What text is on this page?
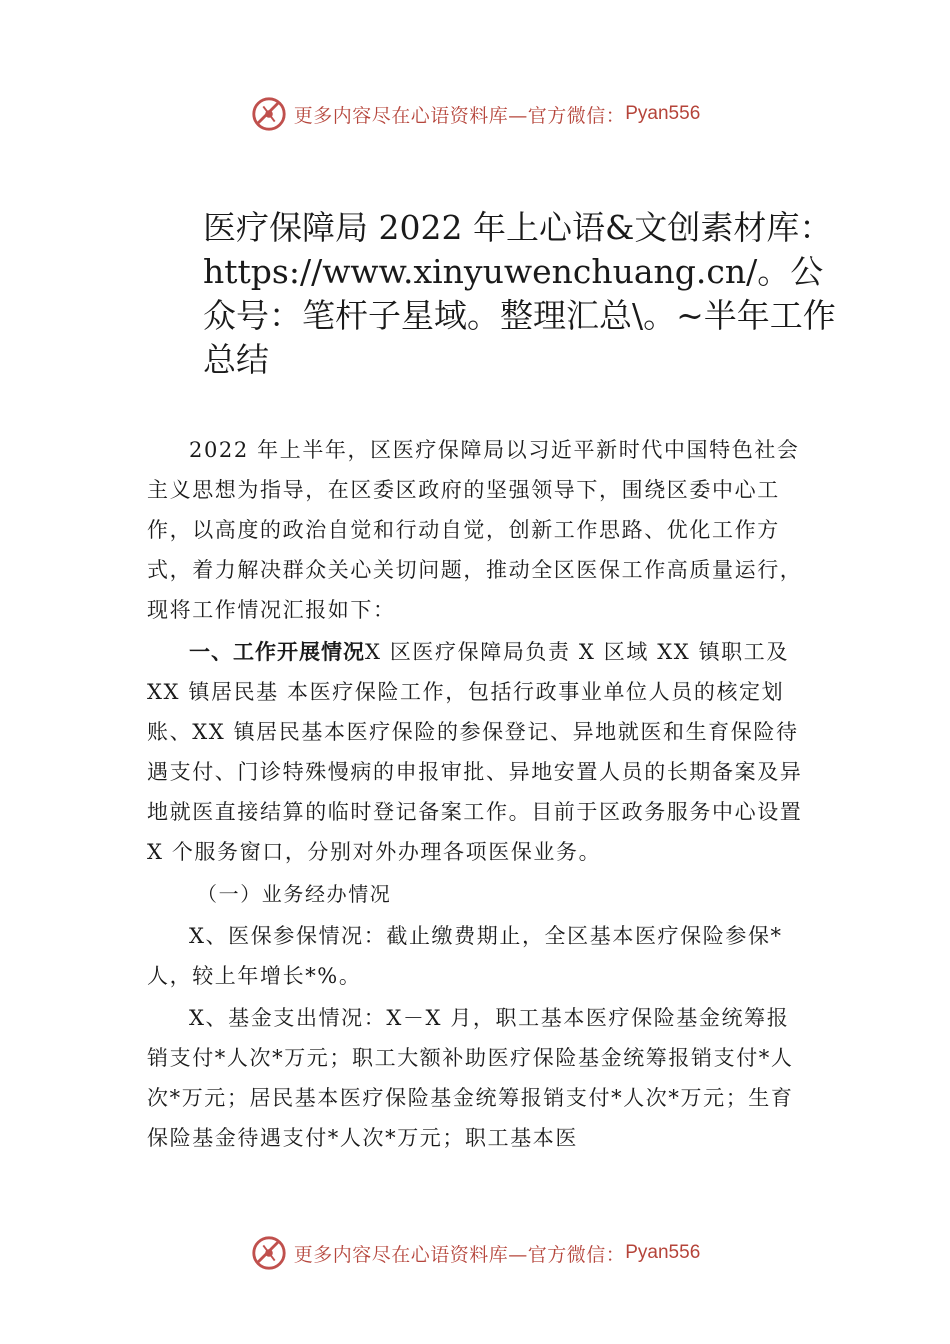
更多内容尽在心语资料库—官方微信： Pyan556
医疗保障局 2022 年上心语&文创素材库：https://www.xinyuwenchuang.cn/。公众号：笔杆子星域。整理汇总\。~半年工作总结

2022 年上半年，区医疗保障局以习近平新时代中国特色社会主义思想为指导，在区委区政府的坚强领导下，围绕区委中心工作，以高度的政治自觉和行动自觉，创新工作思路、优化工作方式，着力解决群众关心关切问题，推动全区医保工作高质量运行，现将工作情况汇报如下：

一、工作开展情况X 区医疗保障局负责 X 区域 XX 镇职工及 XX 镇居民基 本医疗保险工作，包括行政事业单位人员的核定划账、XX 镇居民基本医疗保险的参保登记、异地就医和生育保险待遇支付、门诊特殊慢病的申报审批、异地安置人员的长期备案及异地就医直接结算的临时登记备案工作。目前于区政务服务中心设置 X 个服务窗口，分别对外办理各项医保业务。

（一）业务经办情况

X、医保参保情况：截止缴费期止，全区基本医疗保险参保*人，较上年增长*%。

X、基金支出情况：X－X 月，职工基本医疗保险基金统筹报销支付*人次*万元；职工大额补助医疗保险基金统筹报销支付*人次*万元；居民基本医疗保险基金统筹报销支付*人次*万元；生育保险基金待遇支付*人次*万元；职工基本医

更多内容尽在心语资料库—官方微信： Pyan556
